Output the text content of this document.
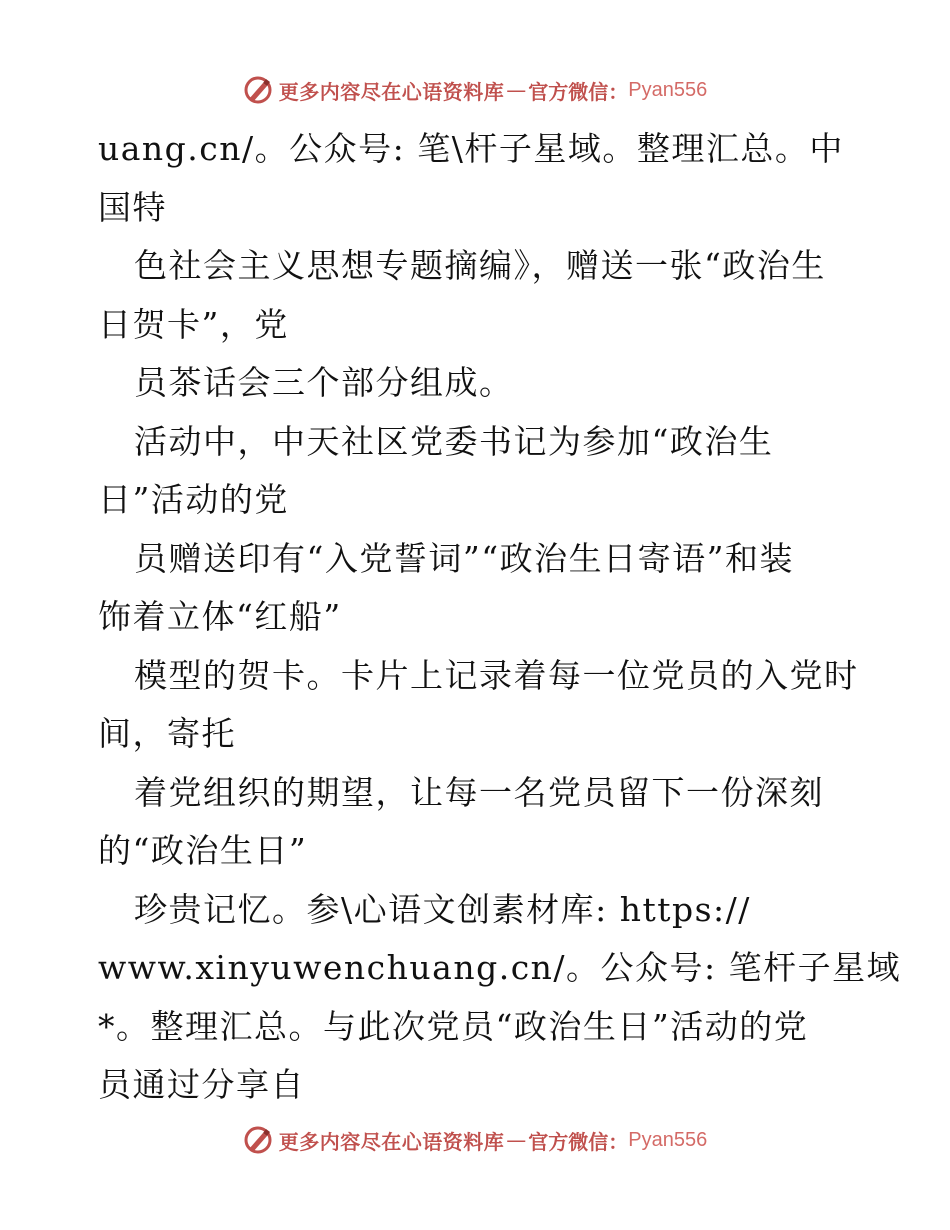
更多内容尽在心语资料库 — 官方微信： Pyan556
uang.cn/。公众号: 笔\杆子星域。整理汇总。中
国特
色社会主义思想专题摘编》，赠送一张“政治生
日贺卡”，党
员茶话会三个部分组成。
活动中，中天社区党委书记为参加“政治生
日”活动的党
员赠送印有“入党誓词”“政治生日寄语”和装
饰着立体“红船”
模型的贺卡。卡片上记录着每一位党员的入党时
间，寄托
着党组织的期望，让每一名党员留下一份深刻
的“政治生日”
珍贵记忆。参\心语文创素材库: https://
www.xinyuwenchuang.cn/。公众号: 笔杆子星域
*。整理汇总。与此次党员“政治生日”活动的党
员通过分享自
更多内容尽在心语资料库 — 官方微信： Pyan556
